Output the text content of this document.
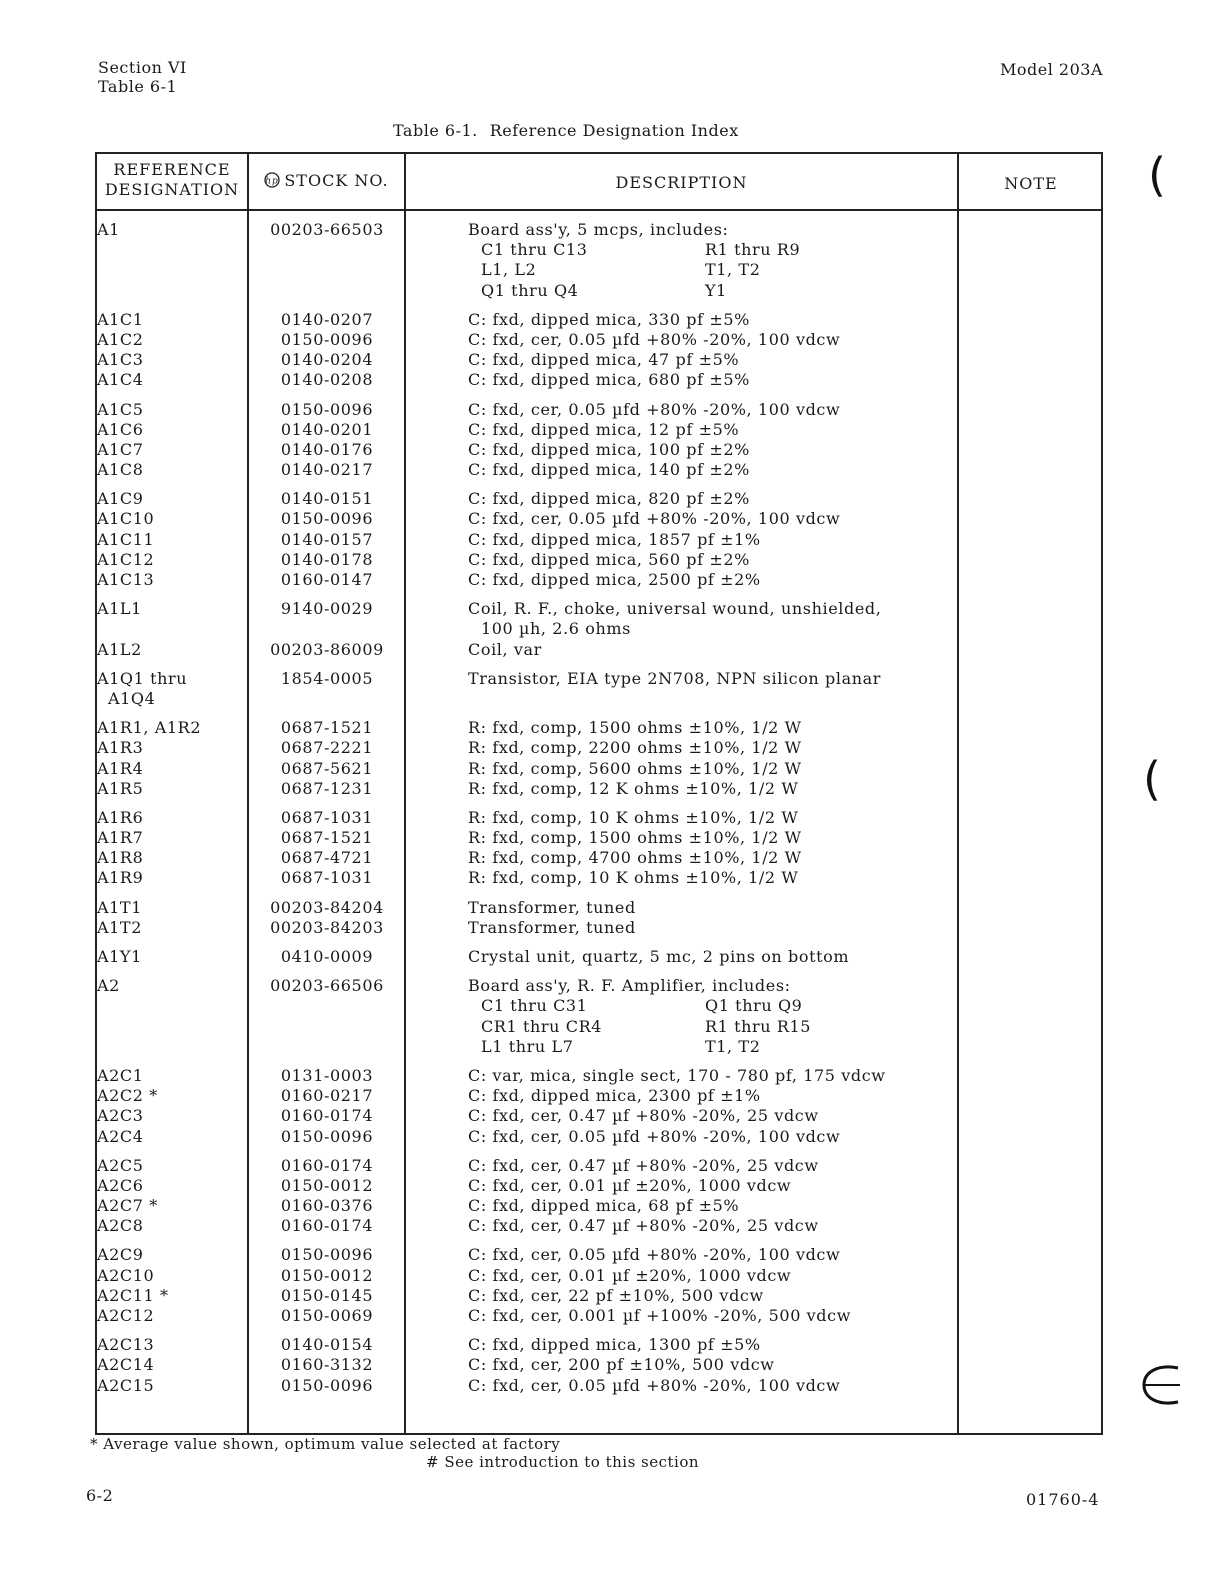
Section VI
Table 6-1
Model 203A
Table 6-1. Reference Designation Index
REFERENCE
DESIGNATION	hp STOCK NO.	DESCRIPTION	NOTE
A1	00203-66503	Board ass'y, 5 mcps, includes:
C1 thru C13	R1 thru R9
L1, L2	T1, T2
Q1 thru Q4	Y1
A1C1	0140-0207	C: fxd, dipped mica, 330 pf ±5%
A1C2	0150-0096	C: fxd, cer, 0.05 µfd +80% -20%, 100 vdcw
A1C3	0140-0204	C: fxd, dipped mica, 47 pf ±5%
A1C4	0140-0208	C: fxd, dipped mica, 680 pf ±5%
A1C5	0150-0096	C: fxd, cer, 0.05 µfd +80% -20%, 100 vdcw
A1C6	0140-0201	C: fxd, dipped mica, 12 pf ±5%
A1C7	0140-0176	C: fxd, dipped mica, 100 pf ±2%
A1C8	0140-0217	C: fxd, dipped mica, 140 pf ±2%
A1C9	0140-0151	C: fxd, dipped mica, 820 pf ±2%
A1C10	0150-0096	C: fxd, cer, 0.05 µfd +80% -20%, 100 vdcw
A1C11	0140-0157	C: fxd, dipped mica, 1857 pf ±1%
A1C12	0140-0178	C: fxd, dipped mica, 560 pf ±2%
A1C13	0160-0147	C: fxd, dipped mica, 2500 pf ±2%
A1L1	9140-0029	Coil, R. F., choke, universal wound, unshielded,
100 µh, 2.6 ohms
A1L2	00203-86009	Coil, var
A1Q1 thru	1854-0005	Transistor, EIA type 2N708, NPN silicon planar
A1Q4
A1R1, A1R2	0687-1521	R: fxd, comp, 1500 ohms ±10%, 1/2 W
A1R3	0687-2221	R: fxd, comp, 2200 ohms ±10%, 1/2 W
A1R4	0687-5621	R: fxd, comp, 5600 ohms ±10%, 1/2 W
A1R5	0687-1231	R: fxd, comp, 12 K ohms ±10%, 1/2 W
A1R6	0687-1031	R: fxd, comp, 10 K ohms ±10%, 1/2 W
A1R7	0687-1521	R: fxd, comp, 1500 ohms ±10%, 1/2 W
A1R8	0687-4721	R: fxd, comp, 4700 ohms ±10%, 1/2 W
A1R9	0687-1031	R: fxd, comp, 10 K ohms ±10%, 1/2 W
A1T1	00203-84204	Transformer, tuned
A1T2	00203-84203	Transformer, tuned
A1Y1	0410-0009	Crystal unit, quartz, 5 mc, 2 pins on bottom
A2	00203-66506	Board ass'y, R. F. Amplifier, includes:
C1 thru C31	Q1 thru Q9
CR1 thru CR4	R1 thru R15
L1 thru L7	T1, T2
A2C1	0131-0003	C: var, mica, single sect, 170 - 780 pf, 175 vdcw
A2C2 *	0160-0217	C: fxd, dipped mica, 2300 pf ±1%
A2C3	0160-0174	C: fxd, cer, 0.47 µf +80% -20%, 25 vdcw
A2C4	0150-0096	C: fxd, cer, 0.05 µfd +80% -20%, 100 vdcw
A2C5	0160-0174	C: fxd, cer, 0.47 µf +80% -20%, 25 vdcw
A2C6	0150-0012	C: fxd, cer, 0.01 µf ±20%, 1000 vdcw
A2C7 *	0160-0376	C: fxd, dipped mica, 68 pf ±5%
A2C8	0160-0174	C: fxd, cer, 0.47 µf +80% -20%, 25 vdcw
A2C9	0150-0096	C: fxd, cer, 0.05 µfd +80% -20%, 100 vdcw
A2C10	0150-0012	C: fxd, cer, 0.01 µf ±20%, 1000 vdcw
A2C11 *	0150-0145	C: fxd, cer, 22 pf ±10%, 500 vdcw
A2C12	0150-0069	C: fxd, cer, 0.001 µf +100% -20%, 500 vdcw
A2C13	0140-0154	C: fxd, dipped mica, 1300 pf ±5%
A2C14	0160-3132	C: fxd, cer, 200 pf ±10%, 500 vdcw
A2C15	0150-0096	C: fxd, cer, 0.05 µfd +80% -20%, 100 vdcw
* Average value shown, optimum value selected at factory
# See introduction to this section
6-2	01760-4
(
(
